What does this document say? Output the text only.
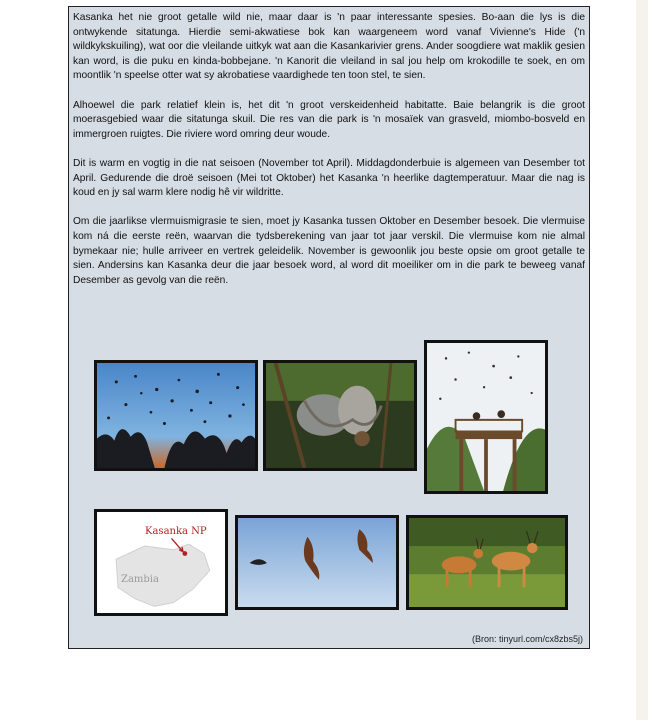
Kasanka het nie groot getalle wild nie, maar daar is 'n paar interessante spesies. Bo-aan die lys is die ontwykende sitatunga. Hierdie semi-akwatiese bok kan waargeneem word vanaf Vivienne's Hide ('n wildkykskuiling), wat oor die vleilande uitkyk wat aan die Kasankarivier grens. Ander soogdiere wat maklik gesien kan word, is die puku en kinda-bobbejane. 'n Kanorit die vleiland in sal jou help om krokodille te soek, en om moontlik 'n speelse otter wat sy akrobatiese vaardighede ten toon stel, te sien.

Alhoewel die park relatief klein is, het dit 'n groot verskeidenheid habitatte. Baie belangrik is die groot moerasgebied waar die sitatunga skuil. Die res van die park is 'n mosaïek van grasveld, miombo-bosveld en immergroen ruigtes. Die riviere word omring deur woude.

Dit is warm en vogtig in die nat seisoen (November tot April). Middagdonderbuie is algemeen van Desember tot April. Gedurende die droë seisoen (Mei tot Oktober) het Kasanka 'n heerlike dagtemperatuur. Maar die nag is koud en jy sal warm klere nodig hê vir wildritte.

Om die jaarlikse vlermuismigrasie te sien, moet jy Kasanka tussen Oktober en Desember besoek. Die vlermuise kom ná die eerste reën, waarvan die tydsberekening van jaar tot jaar verskil. Die vlermuise kom nie almal bymekaar nie; hulle arriveer en vertrek geleidelik. November is gewoonlik jou beste opsie om groot getalle te sien. Andersins kan Kasanka deur die jaar besoek word, al word dit moeiliker om in die park te beweeg vanaf Desember as gevolg van die reën.

Kasanka NP
Zambia
(Bron: tinyurl.com/cx8zbs5j)
